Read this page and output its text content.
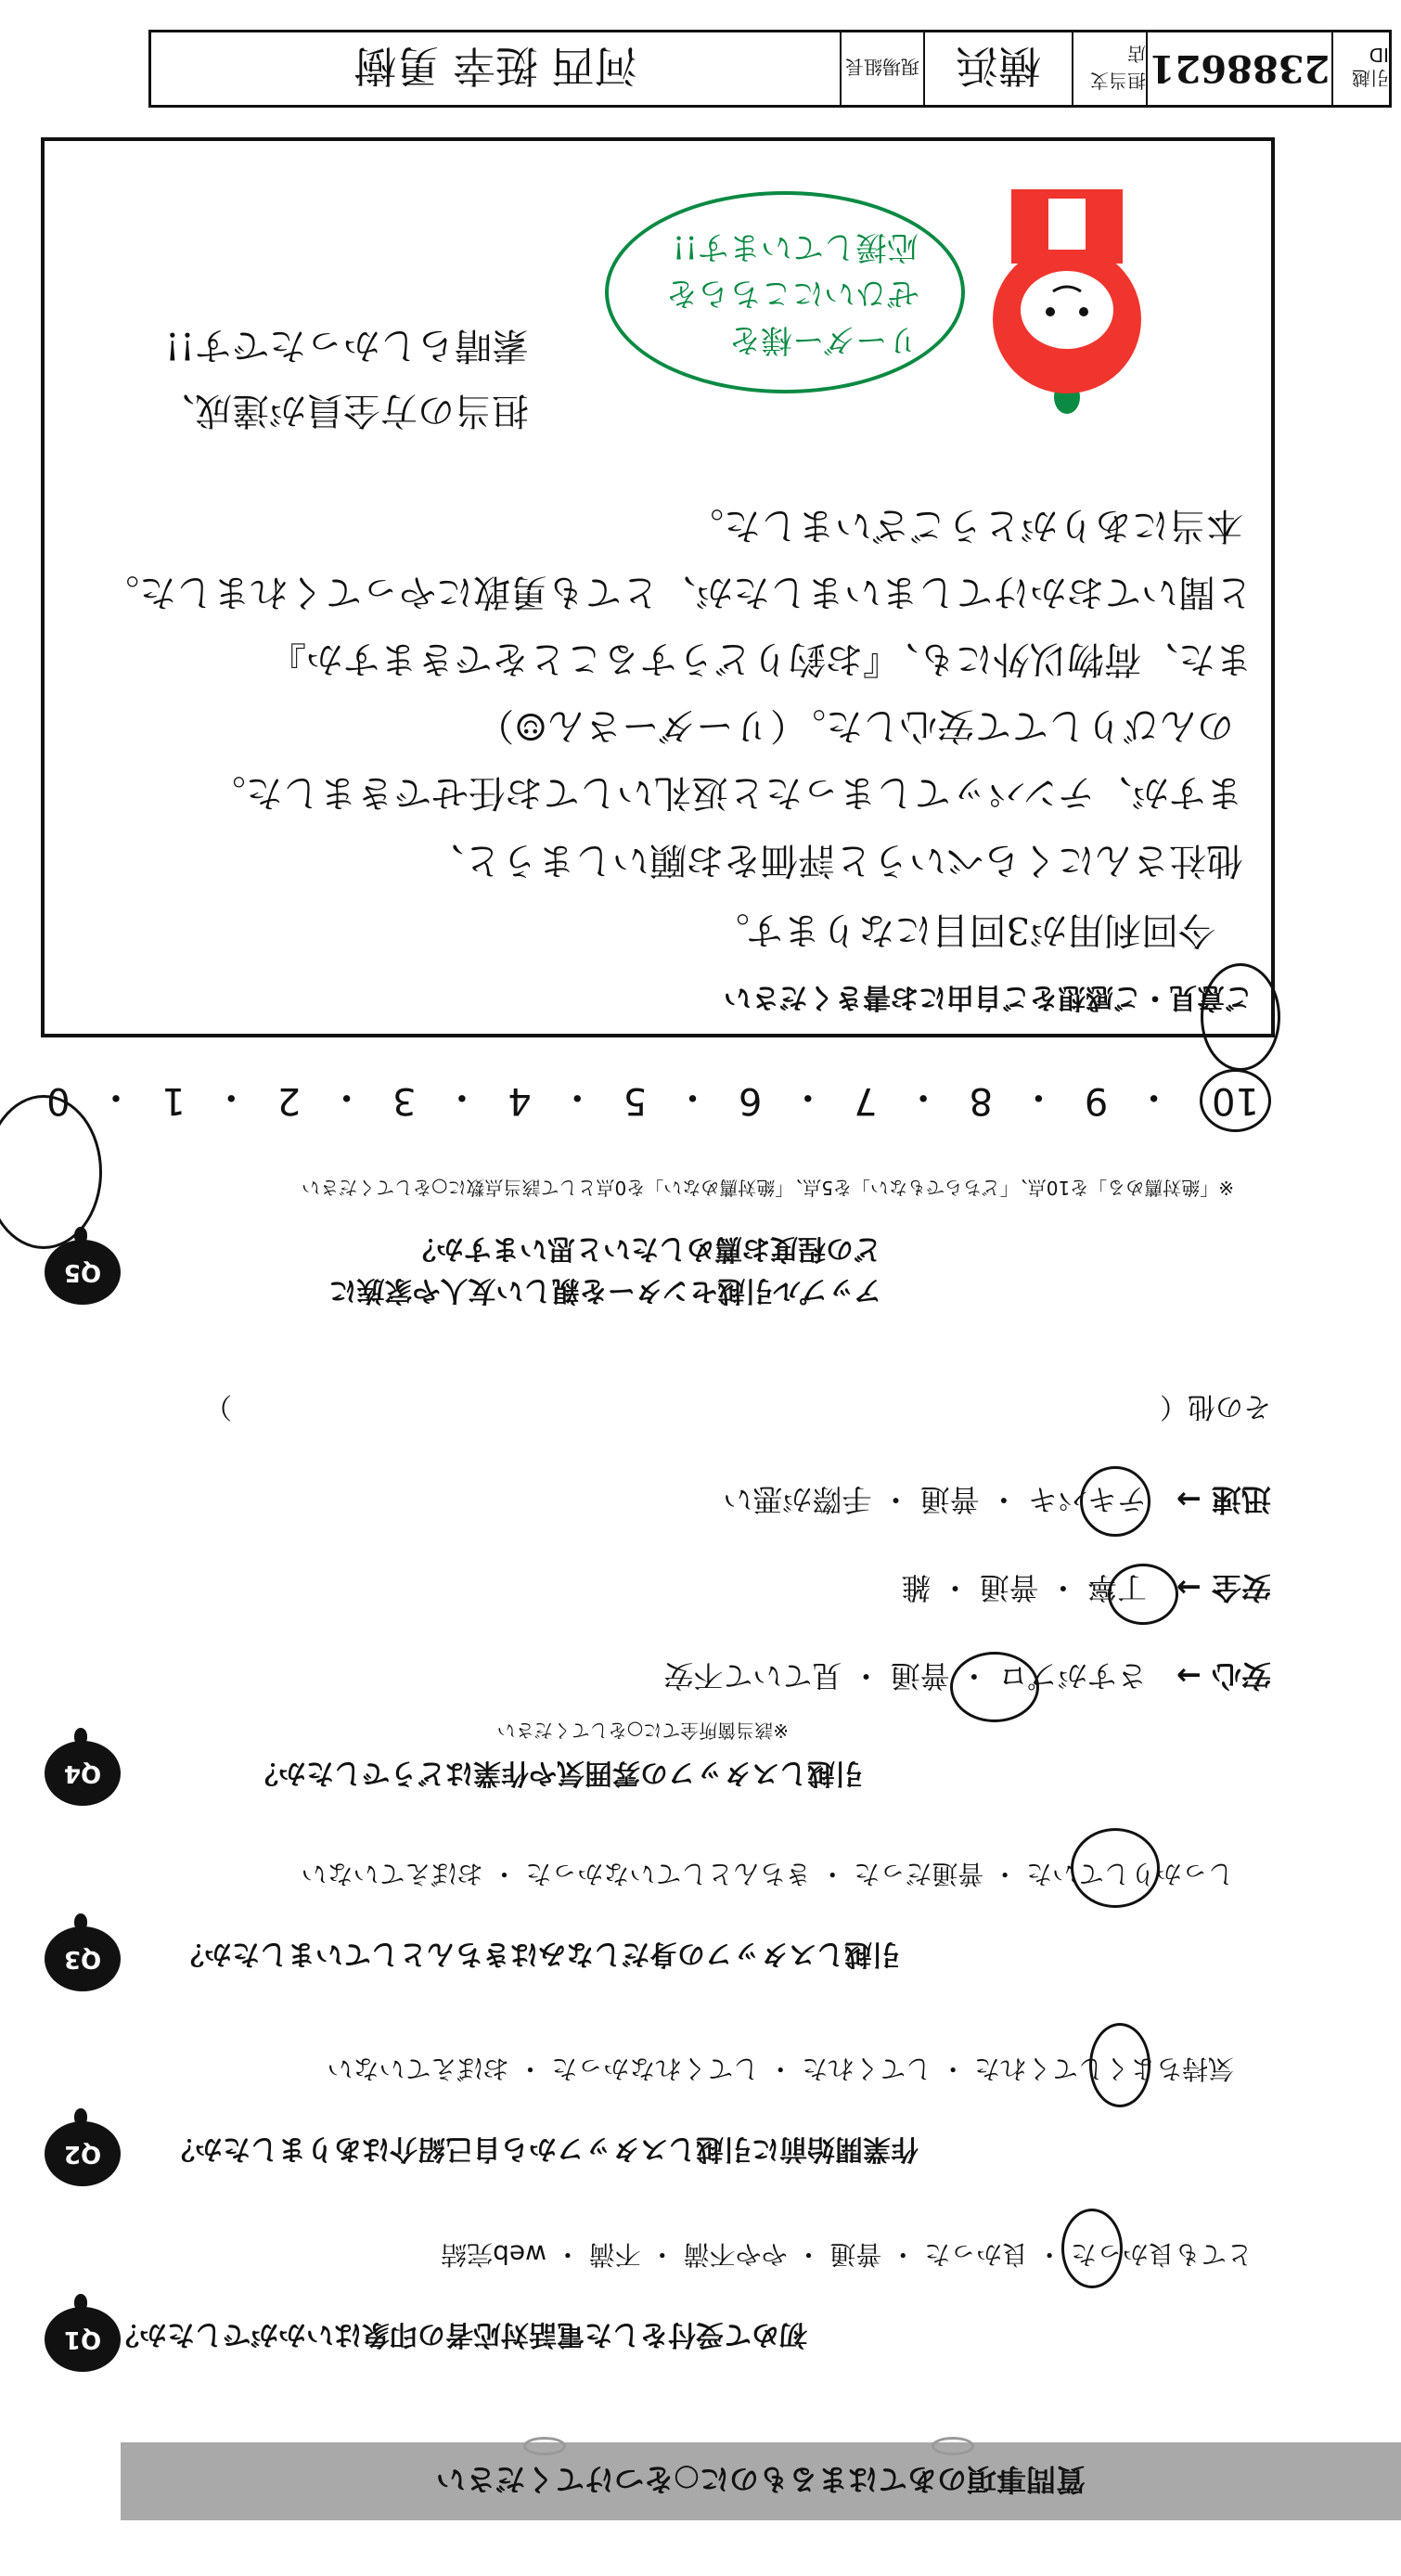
引越ID
2388621
担当支店
横浜
現場組長
河西 挺幸 勇樹
ご意見・ご感想をご自由にお書きください
今回利用が3回目になります。
他社さんにくらべいうと評価をお願いしまうと、
ますが、テンパッてしまったと返礼いしてお任せできました。
のんびりしてて安心した。（リーダーさん☺）
また、荷物以外にも、『お釣りどうすることをできますか』
と聞いておかけてしまいましたが、とても勇敢にやってくれました。
本当にありがとうございました。
担当の方全員が達成、
素晴らしかったです!!	リーダー様を
ぜひいにこちらを
応援しています!!
10
・
9
・
8
・
7
・
6
・
5
・
4
・
3
・
2
・
1
・
0
※「絶対薦める」を10点、「どちらでもない」を5点、「絶対薦めない」を0点として該当点数に○をしてください
Q5
アップル引越センターを親しい友人や家族に
どの程度お薦めしたいと思いますか？
その他（）
迅速 →　テキパキ ・ 普通 ・ 手際が悪い
安全 →　丁寧 ・ 普通 ・ 雑
安心 →　さすがプロ ・ 普通 ・ 見ていて不安
※該当箇所全てに○をしてください
Q4	引越しスタッフの雰囲気や作業はどうでしたか？
しっかりしていた ・ 普通だった ・ きちんとしていなかった ・ おぼえていない
Q3	引越しスタッフの身だしなみはきちんとしていましたか？
気持ちよくしてくれた ・ してくれた ・ してくれなかった ・ おぼえていない
Q2	作業開始前に引越しスタッフから自己紹介はありましたか？
とても良かった ・ 良かった ・ 普通 ・ やや不満 ・ 不満 ・ web完結
Q1 初めて受付をした電話対応者の印象はいかがでしたか？
質問事項のあてはまるものに○をつけてください
